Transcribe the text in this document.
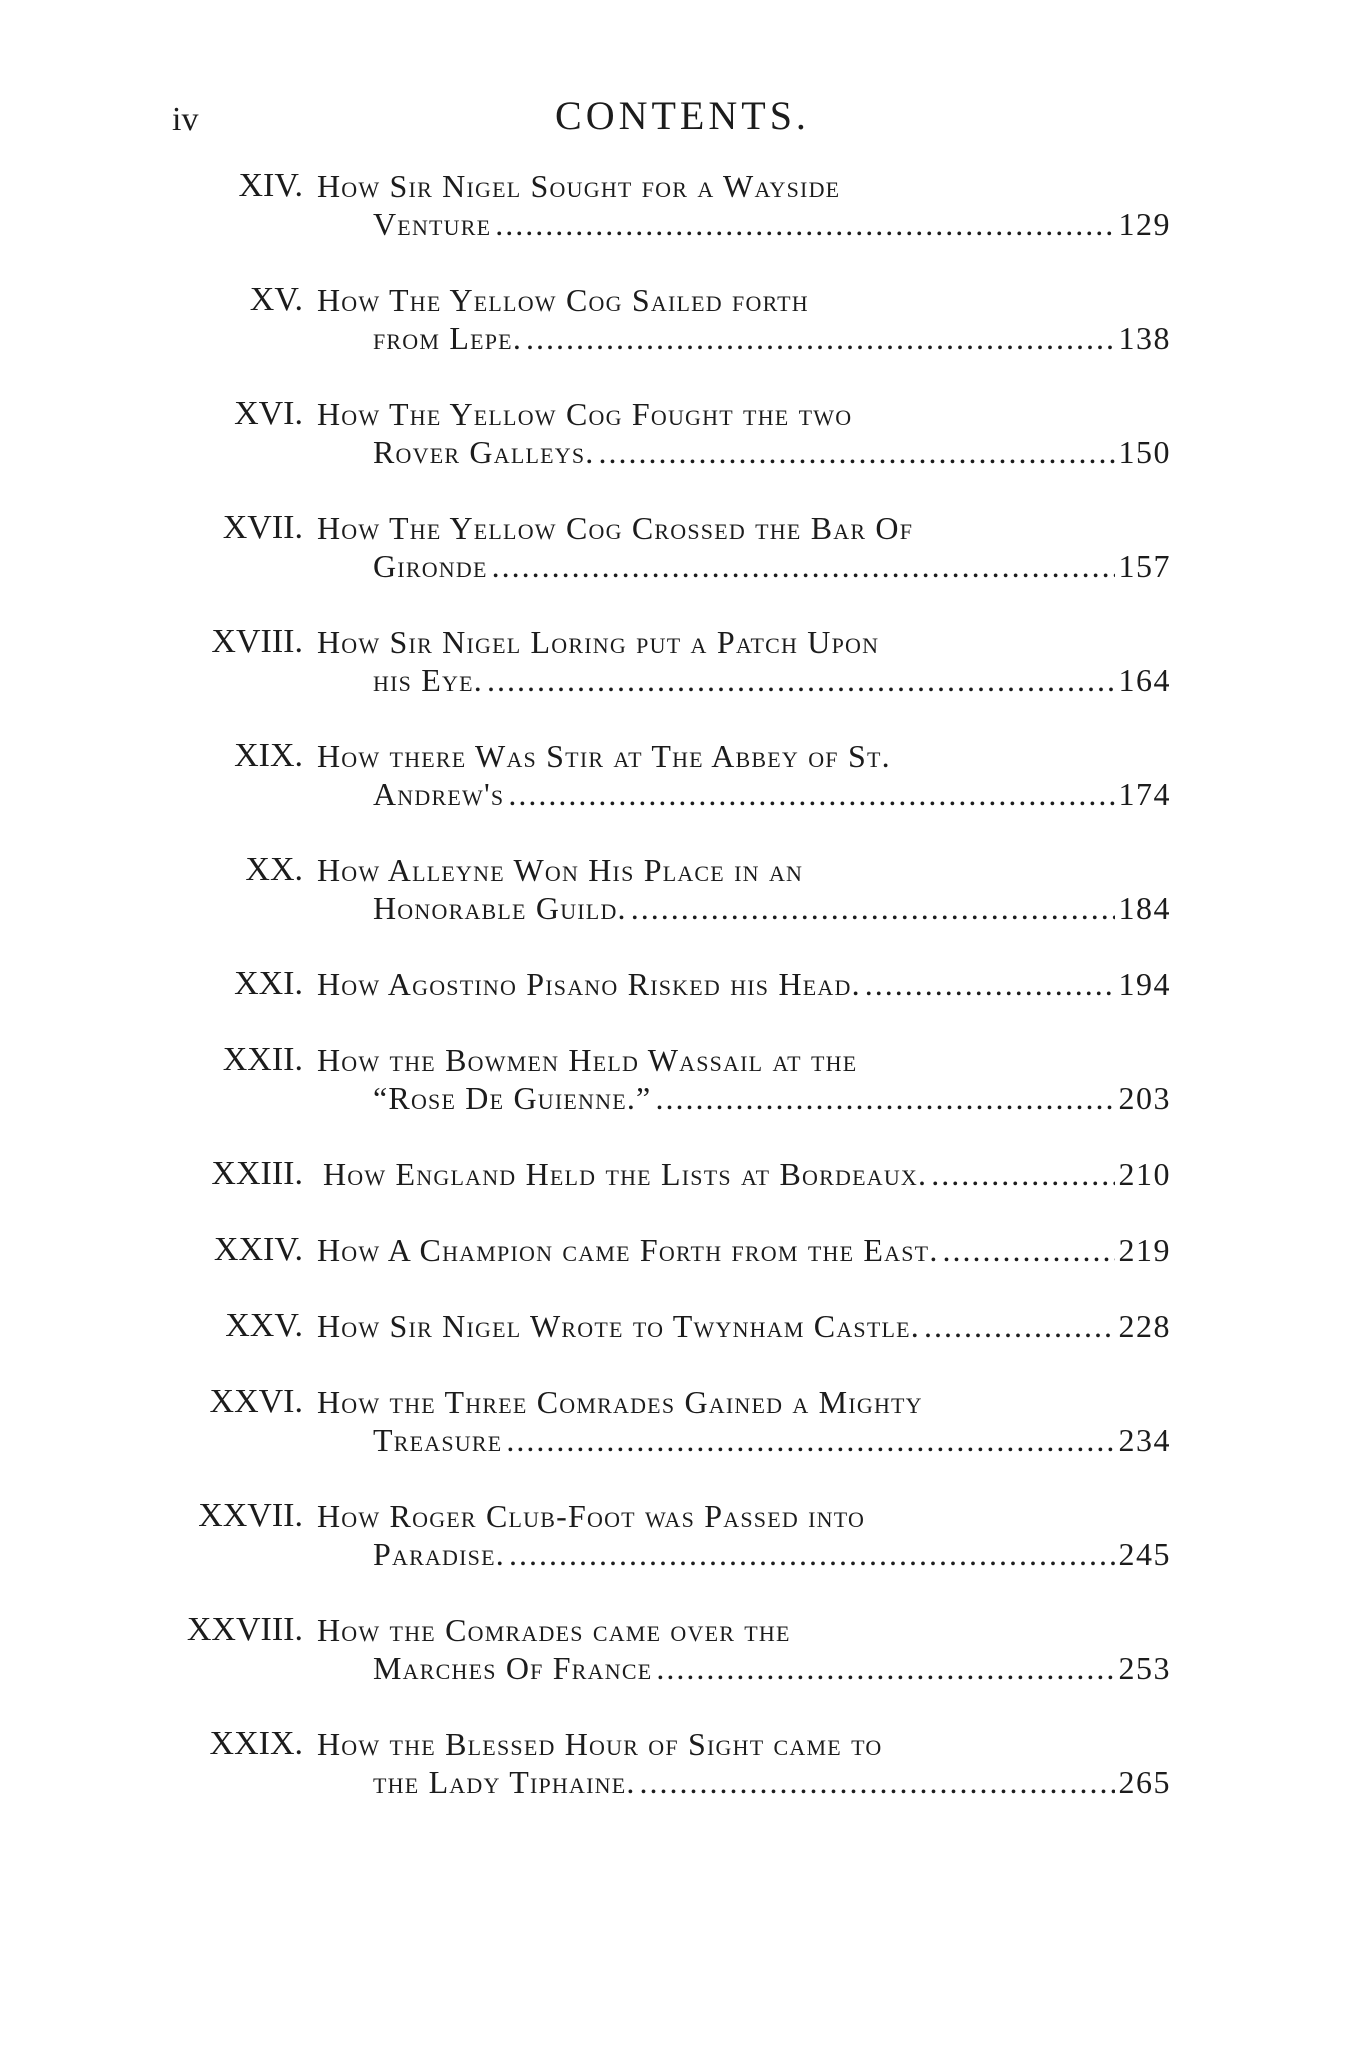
iv	CONTENTS.
XIV. How Sir Nigel Sought for a Wayside
Venture .....	129
XV. How The Yellow Cog Sailed forth
from Lepe. .....	138
XVI. How The Yellow Cog Fought the two
Rover Galleys. .....	150
XVII. How The Yellow Cog Crossed the Bar Of
Gironde .....	157
XVIII. How Sir Nigel Loring put a Patch Upon
his Eye. .....	164
XIX. How there Was Stir at The Abbey of St.
Andrew's .....	174
XX. How Alleyne Won His Place in an
Honorable Guild. .....	184
XXI. How Agostino Pisano Risked his Head. .....	194
XXII. How the Bowmen Held Wassail at the
“Rose De Guienne.” .....	203
XXIII. How England Held the Lists at Bordeaux. .....	210
XXIV. How A Champion came Forth from the East. .....	219
XXV. How Sir Nigel Wrote to Twynham Castle. .....	228
XXVI. How the Three Comrades Gained a Mighty
Treasure .....	234
XXVII. How Roger Club-Foot was Passed into
Paradise. .....	245
XXVIII. How the Comrades came over the
Marches Of France .....	253
XXIX. How the Blessed Hour of Sight came to
the Lady Tiphaine. .....	265
